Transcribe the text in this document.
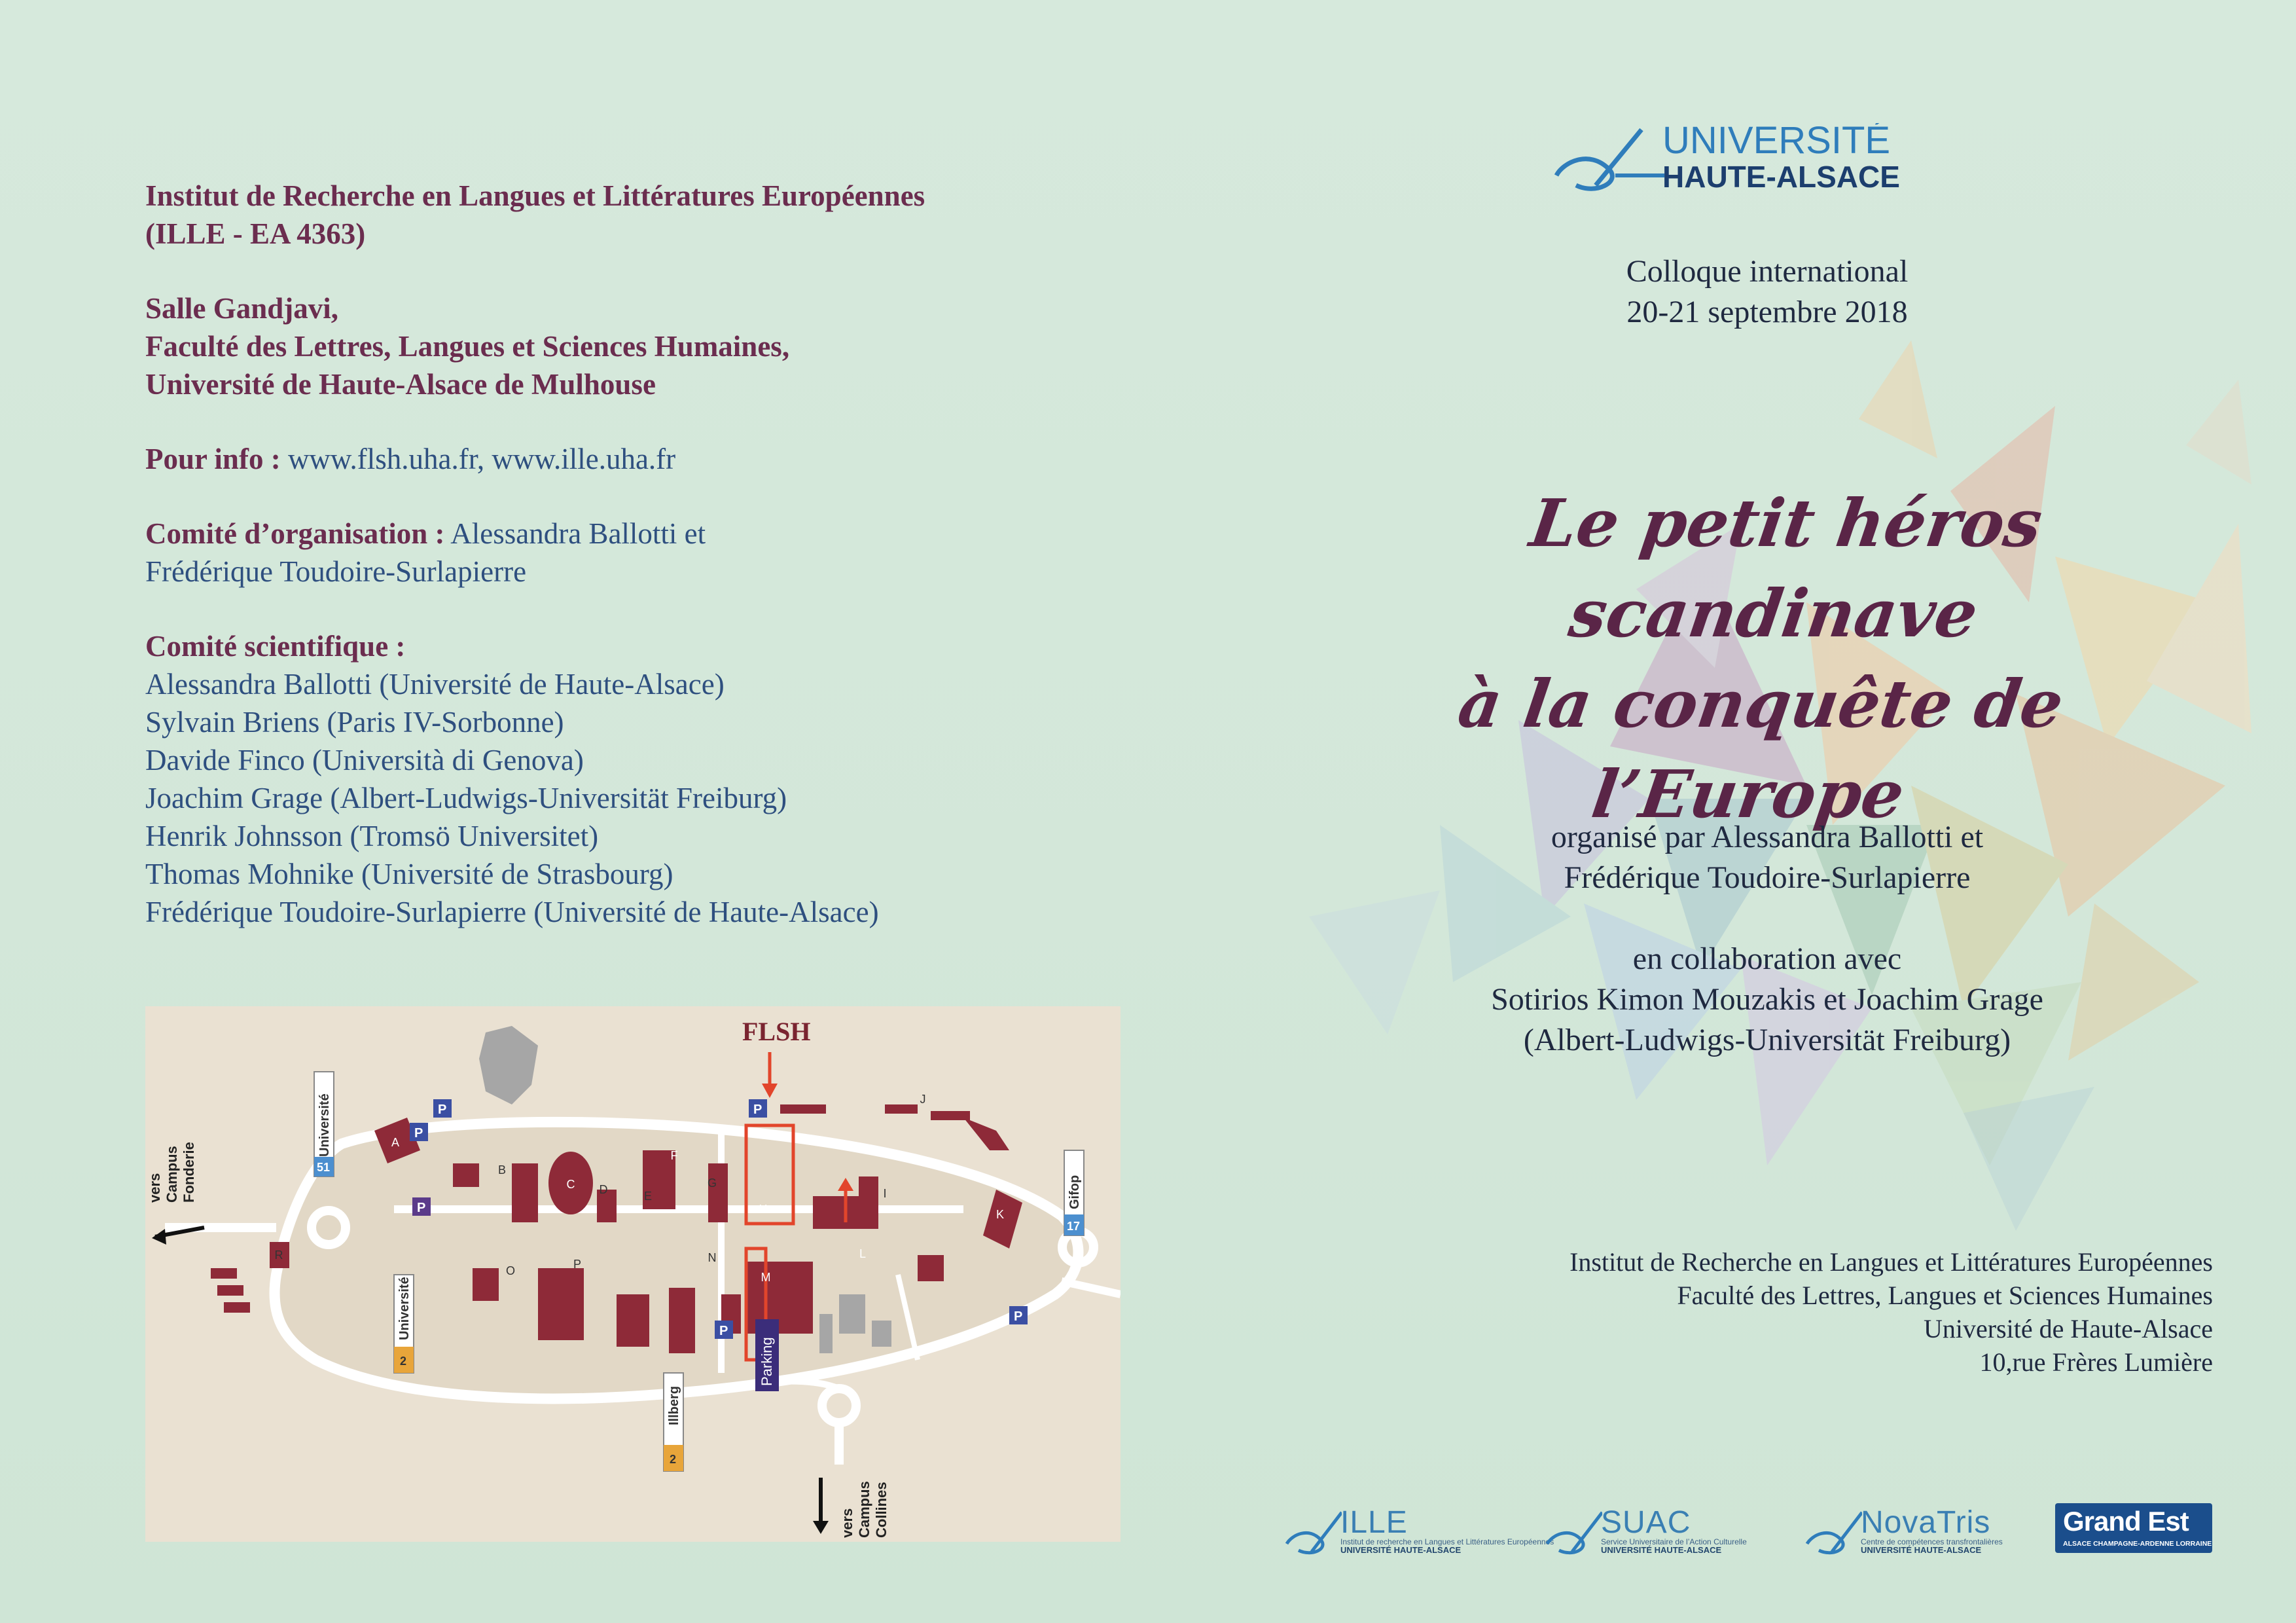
Institut de Recherche en Langues et Littératures Européennes
(ILLE - EA 4363)
Salle Gandjavi,
Faculté des Lettres, Langues et Sciences Humaines,
Université de Haute-Alsace de Mulhouse
Pour info : www.flsh.uha.fr, www.ille.uha.fr
Comité d’organisation : Alessandra Ballotti et
Frédérique Toudoire-Surlapierre
Comité scientifique :
Alessandra Ballotti (Université de Haute-Alsace)
Sylvain Briens (Paris IV-Sorbonne)
Davide Finco (Università di Genova)
Joachim Grage (Albert-Ludwigs-Universität Freiburg)
Henrik Johnsson (Tromsö Universitet)
Thomas Mohnike (Université de Strasbourg)
Frédérique Toudoire-Surlapierre (Université de Haute-Alsace)
FLSH
Parking
P
P
P
P
P
P
A
B
C D	E
F
G
H
I
J
K
L
M
N
O	P
R
Université
51
Université
2
Illberg
2
Gifop
17
vers Campus Fonderie
vers Campus Collines
UNIVERSITÉ
HAUTE-ALSACE
Colloque international
20-21 septembre 2018
Le petit héros scandinave
à la conquête de l’Europe
organisé par Alessandra Ballotti et
Frédérique Toudoire-Surlapierre
en collaboration avec
Sotirios Kimon Mouzakis et Joachim Grage
(Albert-Ludwigs-Universität Freiburg)
Institut de Recherche en Langues et Littératures Européennes
Faculté des Lettres, Langues et Sciences Humaines
Université de Haute-Alsace
10,rue Frères Lumière
ILLE
Institut de recherche en Langues et Littératures Européennes
UNIVERSITÉ HAUTE-ALSACE
SUAC
Service Universitaire de l’Action Culturelle
UNIVERSITÉ HAUTE-ALSACE
NovaTris
Centre de compétences transfrontalières
UNIVERSITÉ HAUTE-ALSACE
Grand Est
ALSACE CHAMPAGNE-ARDENNE LORRAINE
